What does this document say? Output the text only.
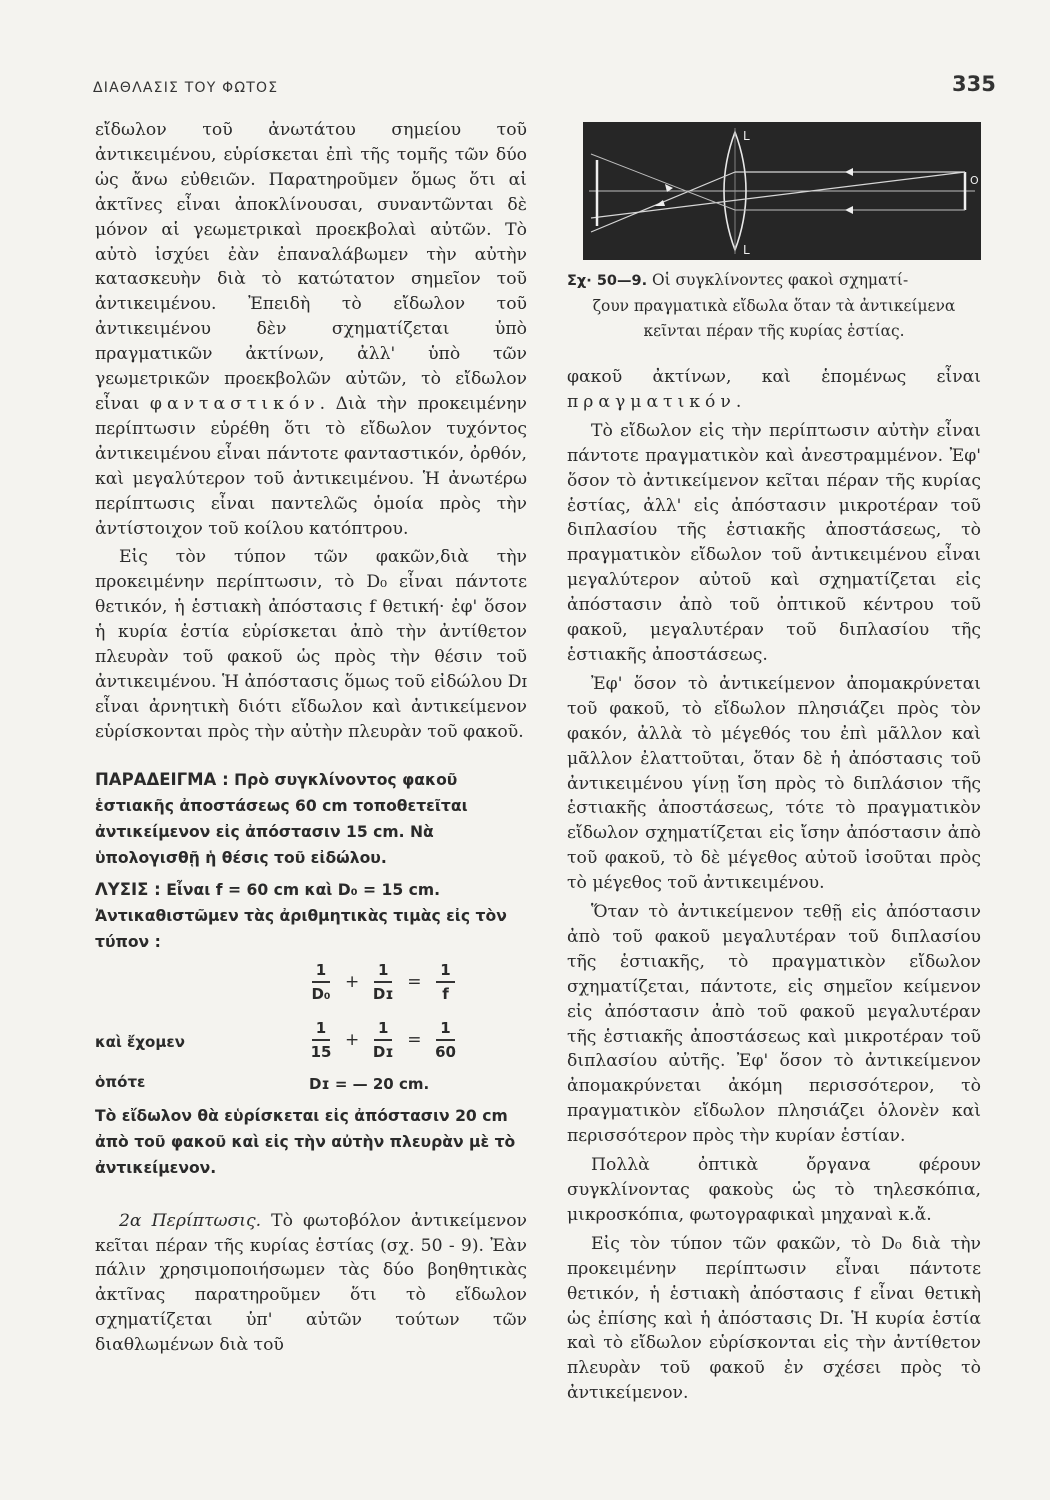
ΔΙΑΘΛΑΣΙΣ ΤΟΥ ΦΩΤΟΣ	335

εἴδωλον τοῦ ἀνωτάτου σημείου τοῦ ἀντικειμένου, εὑρίσκεται ἐπὶ τῆς τομῆς τῶν δύο ὡς ἄνω εὐθειῶν. Παρατηροῦμεν ὅμως ὅτι αἱ ἀκτῖνες εἶναι ἀποκλίνουσαι, συναντῶνται δὲ μόνον αἱ γεωμετρικαὶ προεκβολαὶ αὐτῶν. Τὸ αὐτὸ ἰσχύει ἐὰν ἐπαναλάβωμεν τὴν αὐτὴν κατασκευὴν διὰ τὸ κατώτατον σημεῖον τοῦ ἀντικειμένου. Ἐπειδὴ τὸ εἴδωλον τοῦ ἀντικειμένου δὲν σχηματίζεται ὑπὸ πραγματικῶν ἀκτίνων, ἀλλ' ὑπὸ τῶν γεωμετρικῶν προεκβολῶν αὐτῶν, τὸ εἴδωλον εἶναι φανταστικόν. Διὰ τὴν προκειμένην περίπτωσιν εὑρέθη ὅτι τὸ εἴδωλον τυχόντος ἀντικειμένου εἶναι πάντοτε φανταστικόν, ὀρθόν, καὶ μεγαλύτερον τοῦ ἀντικειμένου. Ἡ ἀνωτέρω περίπτωσις εἶναι παντελῶς ὁμοία πρὸς τὴν ἀντίστοιχον τοῦ κοίλου κατόπτρου.

Εἰς τὸν τύπον τῶν φακῶν,διὰ τὴν προκειμένην περίπτωσιν, τὸ D₀ εἶναι πάντοτε θετικόν, ἡ ἑστιακὴ ἀπόστασις f θετική· ἐφ' ὅσον ἡ κυρία ἑστία εὑρίσκεται ἀπὸ τὴν ἀντίθετον πλευρὰν τοῦ φακοῦ ὡς πρὸς τὴν θέσιν τοῦ ἀντικειμένου. Ἡ ἀπόστασις ὅμως τοῦ εἰδώλου Dɪ εἶναι ἀρνητικὴ διότι εἴδωλον καὶ ἀντικείμενον εὑρίσκονται πρὸς τὴν αὐτὴν πλευρὰν τοῦ φακοῦ.

ΠΑΡΑΔΕΙΓΜΑ : Πρὸ συγκλίνοντος φακοῦ ἑστιακῆς ἀποστάσεως 60 cm τοποθετεῖται ἀντικείμενον εἰς ἀπόστασιν 15 cm. Νὰ ὑπολογισθῇ ἡ θέσις τοῦ εἰδώλου.

ΛΥΣΙΣ : Εἶναι f = 60 cm καὶ D₀ = 15 cm. Ἀντικαθιστῶμεν τὰς ἀριθμητικὰς τιμὰς εἰς τὸν τύπον :

$\frac{1}{\text{D₀}} + \frac{1}{\text{Dɪ}} = \frac{1}{f}$
καὶ ἔχομεν	$\frac{1}{15} + \frac{1}{\text{Dɪ}} = \frac{1}{60}$
ὁπότε	Dɪ = — 20 cm.

Τὸ εἴδωλον θὰ εὑρίσκεται εἰς ἀπόστασιν 20 cm ἀπὸ τοῦ φακοῦ καὶ εἰς τὴν αὐτὴν πλευρὰν μὲ τὸ ἀντικείμενον.

2α Περίπτωσις. Τὸ φωτοβόλον ἀντικείμενον κεῖται πέραν τῆς κυρίας ἑστίας (σχ. 50 - 9). Ἐὰν πάλιν χρησιμοποιήσωμεν τὰς δύο βοηθητικὰς ἀκτῖνας παρατηροῦμεν ὅτι τὸ εἴδωλον σχηματίζεται ὑπ' αὐτῶν τούτων τῶν διαθλωμένων διὰ τοῦ

L
L
O
Σχ· 50—9. Οἱ συγκλίνοντες φακοὶ σχηματί-
ζουν πραγματικὰ εἴδωλα ὅταν τὰ ἀντικείμενα
κεῖνται πέραν τῆς κυρίας ἑστίας.

φακοῦ ἀκτίνων, καὶ ἑπομένως εἶναι πραγματικόν.

Τὸ εἴδωλον εἰς τὴν περίπτωσιν αὐτὴν εἶναι πάντοτε πραγματικὸν καὶ ἀνεστραμμένον. Ἐφ' ὅσον τὸ ἀντικείμενον κεῖται πέραν τῆς κυρίας ἑστίας, ἀλλ' εἰς ἀπόστασιν μικροτέραν τοῦ διπλασίου τῆς ἑστιακῆς ἀποστάσεως, τὸ πραγματικὸν εἴδωλον τοῦ ἀντικειμένου εἶναι μεγαλύτερον αὐτοῦ καὶ σχηματίζεται εἰς ἀπόστασιν ἀπὸ τοῦ ὀπτικοῦ κέντρου τοῦ φακοῦ, μεγαλυτέραν τοῦ διπλασίου τῆς ἑστιακῆς ἀποστάσεως.

Ἐφ' ὅσον τὸ ἀντικείμενον ἀπομακρύνεται τοῦ φακοῦ, τὸ εἴδωλον πλησιάζει πρὸς τὸν φακόν, ἀλλὰ τὸ μέγεθός του ἐπὶ μᾶλλον καὶ μᾶλλον ἐλαττοῦται, ὅταν δὲ ἡ ἀπόστασις τοῦ ἀντικειμένου γίνῃ ἴση πρὸς τὸ διπλάσιον τῆς ἑστιακῆς ἀποστάσεως, τότε τὸ πραγματικὸν εἴδωλον σχηματίζεται εἰς ἴσην ἀπόστασιν ἀπὸ τοῦ φακοῦ, τὸ δὲ μέγεθος αὐτοῦ ἰσοῦται πρὸς τὸ μέγεθος τοῦ ἀντικειμένου.

Ὅταν τὸ ἀντικείμενον τεθῇ εἰς ἀπόστασιν ἀπὸ τοῦ φακοῦ μεγαλυτέραν τοῦ διπλασίου τῆς ἑστιακῆς, τὸ πραγματικὸν εἴδωλον σχηματίζεται, πάντοτε, εἰς σημεῖον κείμενον εἰς ἀπόστασιν ἀπὸ τοῦ φακοῦ μεγαλυτέραν τῆς ἑστιακῆς ἀποστάσεως καὶ μικροτέραν τοῦ διπλασίου αὐτῆς. Ἐφ' ὅσον τὸ ἀντικείμενον ἀπομακρύνεται ἀκόμη περισσότερον, τὸ πραγματικὸν εἴδωλον πλησιάζει ὁλονὲν καὶ περισσότερον πρὸς τὴν κυρίαν ἑστίαν.

Πολλὰ ὀπτικὰ ὄργανα φέρουν συγκλίνοντας φακοὺς ὡς τὸ τηλεσκόπια, μικροσκόπια, φωτογραφικαὶ μηχαναὶ κ.ἄ.

Εἰς τὸν τύπον τῶν φακῶν, τὸ D₀ διὰ τὴν προκειμένην περίπτωσιν εἶναι πάντοτε θετικόν, ἡ ἑστιακὴ ἀπόστασις f εἶναι θετικὴ ὡς ἐπίσης καὶ ἡ ἀπόστασις Dɪ. Ἡ κυρία ἑστία καὶ τὸ εἴδωλον εὑρίσκονται εἰς τὴν ἀντίθετον πλευρὰν τοῦ φακοῦ ἐν σχέσει πρὸς τὸ ἀντικείμενον.
